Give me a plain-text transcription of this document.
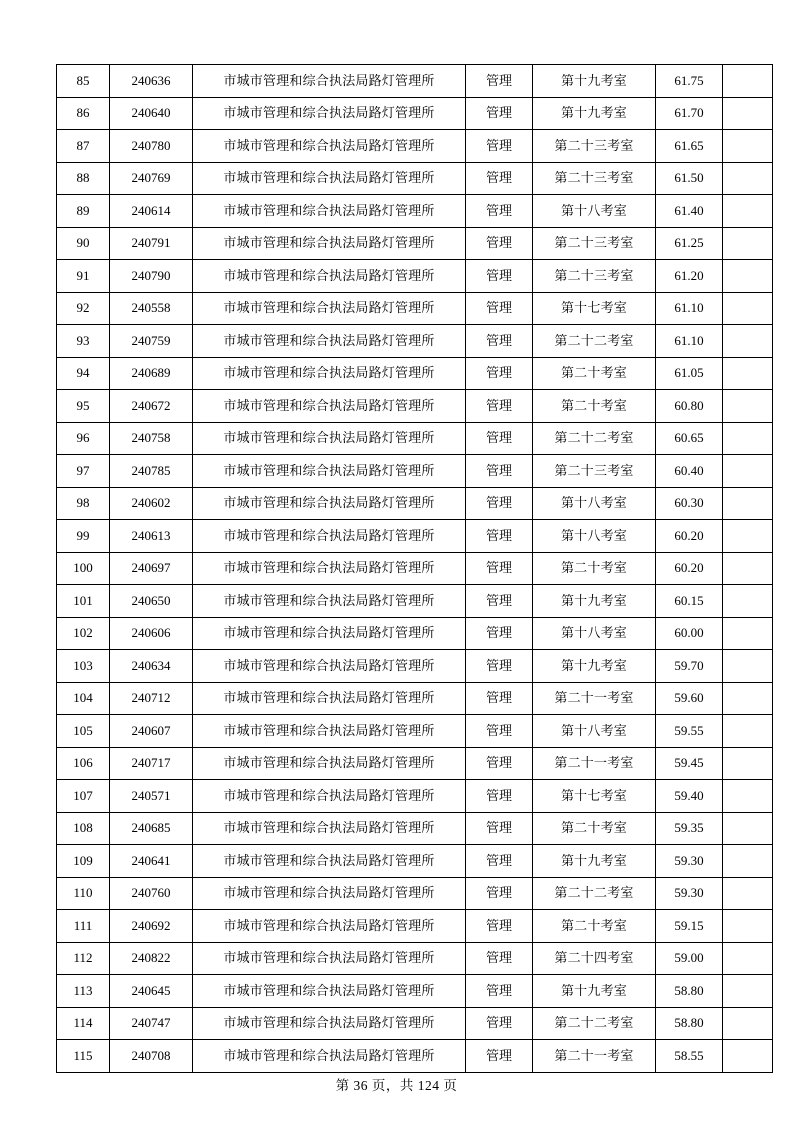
85	240636	市城市管理和综合执法局路灯管理所	管理	第十九考室	61.75	
86	240640	市城市管理和综合执法局路灯管理所	管理	第十九考室	61.70	
87	240780	市城市管理和综合执法局路灯管理所	管理	第二十三考室	61.65	
88	240769	市城市管理和综合执法局路灯管理所	管理	第二十三考室	61.50	
89	240614	市城市管理和综合执法局路灯管理所	管理	第十八考室	61.40	
90	240791	市城市管理和综合执法局路灯管理所	管理	第二十三考室	61.25	
91	240790	市城市管理和综合执法局路灯管理所	管理	第二十三考室	61.20	
92	240558	市城市管理和综合执法局路灯管理所	管理	第十七考室	61.10	
93	240759	市城市管理和综合执法局路灯管理所	管理	第二十二考室	61.10	
94	240689	市城市管理和综合执法局路灯管理所	管理	第二十考室	61.05	
95	240672	市城市管理和综合执法局路灯管理所	管理	第二十考室	60.80	
96	240758	市城市管理和综合执法局路灯管理所	管理	第二十二考室	60.65	
97	240785	市城市管理和综合执法局路灯管理所	管理	第二十三考室	60.40	
98	240602	市城市管理和综合执法局路灯管理所	管理	第十八考室	60.30	
99	240613	市城市管理和综合执法局路灯管理所	管理	第十八考室	60.20	
100	240697	市城市管理和综合执法局路灯管理所	管理	第二十考室	60.20	
101	240650	市城市管理和综合执法局路灯管理所	管理	第十九考室	60.15	
102	240606	市城市管理和综合执法局路灯管理所	管理	第十八考室	60.00	
103	240634	市城市管理和综合执法局路灯管理所	管理	第十九考室	59.70	
104	240712	市城市管理和综合执法局路灯管理所	管理	第二十一考室	59.60	
105	240607	市城市管理和综合执法局路灯管理所	管理	第十八考室	59.55	
106	240717	市城市管理和综合执法局路灯管理所	管理	第二十一考室	59.45	
107	240571	市城市管理和综合执法局路灯管理所	管理	第十七考室	59.40	
108	240685	市城市管理和综合执法局路灯管理所	管理	第二十考室	59.35	
109	240641	市城市管理和综合执法局路灯管理所	管理	第十九考室	59.30	
110	240760	市城市管理和综合执法局路灯管理所	管理	第二十二考室	59.30	
111	240692	市城市管理和综合执法局路灯管理所	管理	第二十考室	59.15	
112	240822	市城市管理和综合执法局路灯管理所	管理	第二十四考室	59.00	
113	240645	市城市管理和综合执法局路灯管理所	管理	第十九考室	58.80	
114	240747	市城市管理和综合执法局路灯管理所	管理	第二十二考室	58.80	
115	240708	市城市管理和综合执法局路灯管理所	管理	第二十一考室	58.55	
第 36 页，共 124 页
